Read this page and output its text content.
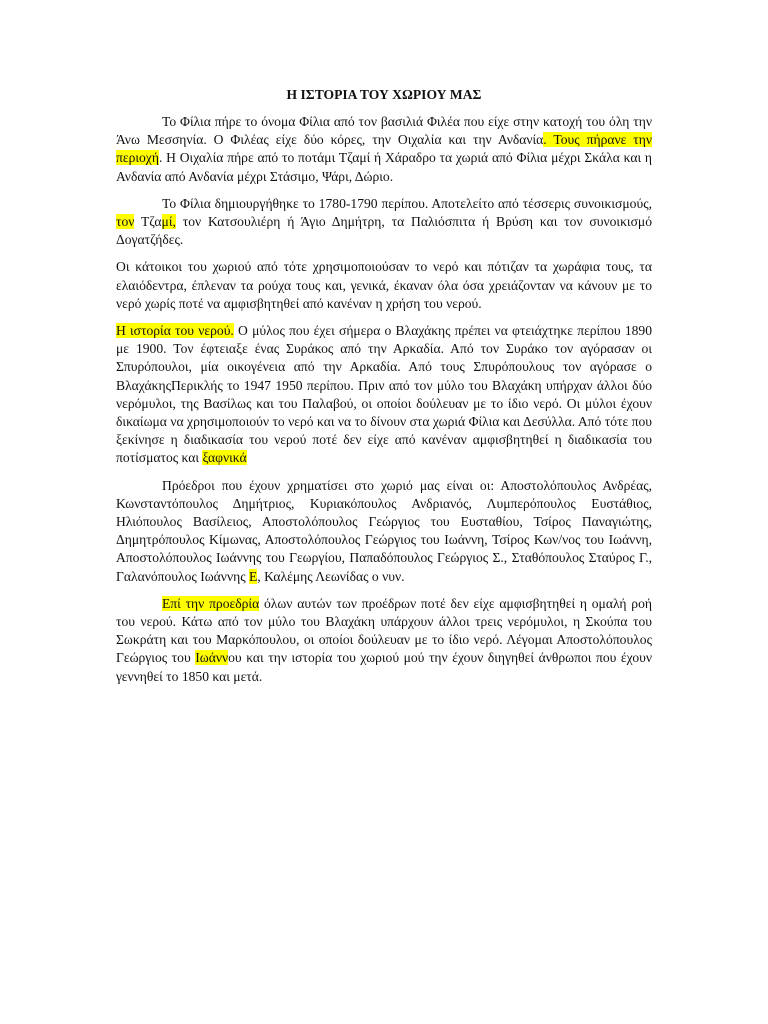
Η ΙΣΤΟΡΙΑ ΤΟΥ ΧΩΡΙΟΥ ΜΑΣ

Το Φίλια πήρε το όνομα Φίλια από τον βασιλιά Φιλέα που είχε στην κατοχή του όλη την Άνω Μεσσηνία. Ο Φιλέας είχε δύο κόρες, την Οιχαλία και την Ανδανία. Τους πήρανε την περιοχή. Η Οιχαλία πήρε από το ποτάμι Τζαμί ή Χάραδρο τα χωριά από Φίλια μέχρι Σκάλα και η Ανδανία από Ανδανία μέχρι Στάσιμο, Ψάρι, Δώριο.

Το Φίλια δημιουργήθηκε το 1780-1790 περίπου. Αποτελείτο από τέσσερις συνοικισμούς, τον Τζαμί, τον Κατσουλιέρη ή Άγιο Δημήτρη, τα Παλιόσπιτα ή Βρύση και τον συνοικισμό Δογατζήδες.

Οι κάτοικοι του χωριού από τότε χρησιμοποιούσαν το νερό και πότιζαν τα χωράφια τους, τα ελαιόδεντρα, έπλεναν τα ρούχα τους και, γενικά, έκαναν όλα όσα χρειάζονταν να κάνουν με το νερό χωρίς ποτέ να αμφισβητηθεί από κανέναν η χρήση του νερού.

Η ιστορία του νερού. Ο μύλος που έχει σήμερα ο Βλαχάκης πρέπει να φτειάχτηκε περίπου 1890 με 1900. Τον έφτειαξε ένας Συράκος από την Αρκαδία. Από τον Συράκο τον αγόρασαν οι Σπυρόπουλοι, μία οικογένεια από την Αρκαδία. Από τους Σπυρόπουλους τον αγόρασε ο ΒλαχάκηςΠερικλής το 1947 1950 περίπου. Πριν από τον μύλο του Βλαχάκη υπήρχαν άλλοι δύο νερόμυλοι, της Βασίλως και του Παλαβού, οι οποίοι δούλευαν με το ίδιο νερό. Οι μύλοι έχουν δικαίωμα να χρησιμοποιούν το νερό και να το δίνουν στα χωριά Φίλια και Δεσύλλα. Από τότε που ξεκίνησε η διαδικασία του νερού ποτέ δεν είχε από κανέναν αμφισβητηθεί η διαδικασία του ποτίσματος και ξαφνικά

Πρόεδροι που έχουν χρηματίσει στο χωριό μας είναι οι: Αποστολόπουλος Ανδρέας, Κωνσταντόπουλος Δημήτριος, Κυριακόπουλος Ανδριανός, Λυμπερόπουλος Ευστάθιος, Ηλιόπουλος Βασίλειος, Αποστολόπουλος Γεώργιος του Ευσταθίου, Τσίρος Παναγιώτης, Δημητρόπουλος Κίμωνας, Αποστολόπουλος Γεώργιος του Ιωάννη, Τσίρος Κων/νος του Ιωάννη, Αποστολόπουλος Ιωάννης του Γεωργίου, Παπαδόπουλος Γεώργιος Σ., Σταθόπουλος Σταύρος Γ., Γαλανόπουλος Ιωάννης Ε, Καλέμης Λεωνίδας ο νυν.

Επί την προεδρία όλων αυτών των προέδρων ποτέ δεν είχε αμφισβητηθεί η ομαλή ροή του νερού. Κάτω από τον μύλο του Βλαχάκη υπάρχουν άλλοι τρεις νερόμυλοι, η Σκούπα του Σωκράτη και του Μαρκόπουλου, οι οποίοι δούλευαν με το ίδιο νερό. Λέγομαι Αποστολόπουλος Γεώργιος του Ιωάννου και την ιστορία του χωριού μού την έχουν διηγηθεί άνθρωποι που έχουν γεννηθεί το 1850 και μετά.
